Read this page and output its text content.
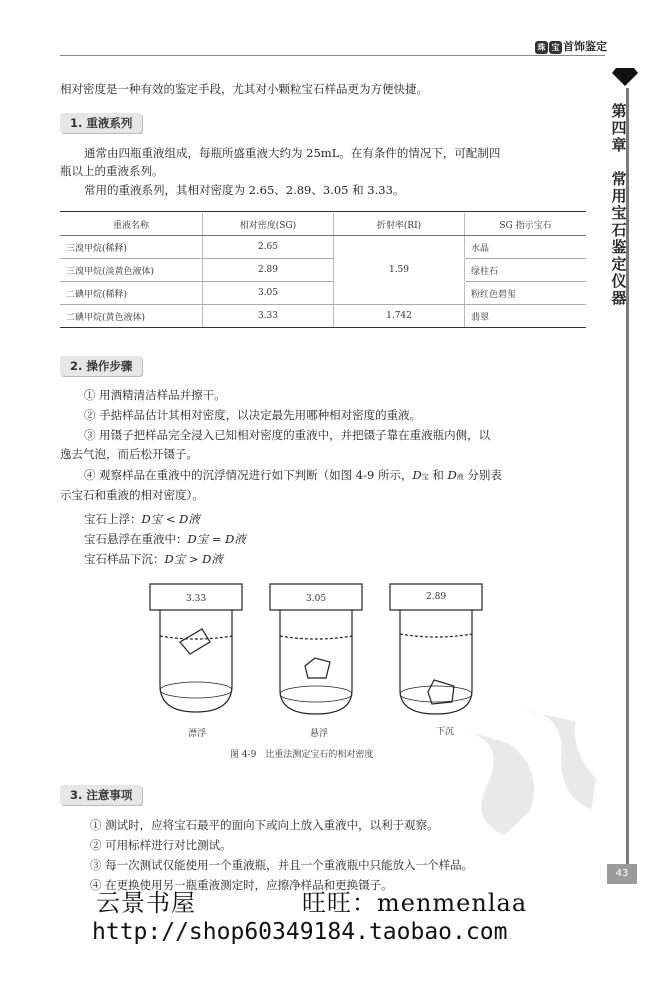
珠 宝 首饰鉴定
第
四
章

常
用
宝
石
鉴
定
仪
器
43
相对密度是一种有效的鉴定手段，尤其对小颗粒宝石样品更为方便快捷。
1. 重液系列
通常由四瓶重液组成，每瓶所盛重液大约为 25mL。在有条件的情况下，可配制四
瓶以上的重液系列。
常用的重液系列，其相对密度为 2.65、2.89、3.05 和 3.33。
重液名称	相对密度(SG)	折射率(RI)	SG 指示宝石
三溴甲烷(稀释)	2.65		水晶
三溴甲烷(淡黄色液体)	2.89	1.59	绿柱石
二碘甲烷(稀释)	3.05		粉红色碧玺
二碘甲烷(黄色液体)	3.33	1.742	翡翠
2. 操作步骤
① 用酒精清洁样品并擦干。
② 手掂样品估计其相对密度，以决定最先用哪种相对密度的重液。
③ 用镊子把样品完全浸入已知相对密度的重液中，并把镊子靠在重液瓶内侧，以
逸去气泡，而后松开镊子。
④ 观察样品在重液中的沉浮情况进行如下判断（如图 4-9 所示，D宝 和 D液 分别表
示宝石和重液的相对密度）。
宝石上浮：D宝 < D液
宝石悬浮在重液中：D宝 = D液
宝石样品下沉：D宝 > D液
3.33	3.05	2.89
漂浮	悬浮	下沉
图 4-9　比重法测定宝石的相对密度
3. 注意事项
① 测试时，应将宝石最平的面向下或向上放入重液中，以利于观察。
② 可用标样进行对比测试。
③ 每一次测试仅能使用一个重液瓶，并且一个重液瓶中只能放入一个样品。
④ 在更换使用另一瓶重液测定时，应擦净样品和更换镊子。
云景书屋	旺旺：menmenlaa
http://shop60349184.taobao.com
